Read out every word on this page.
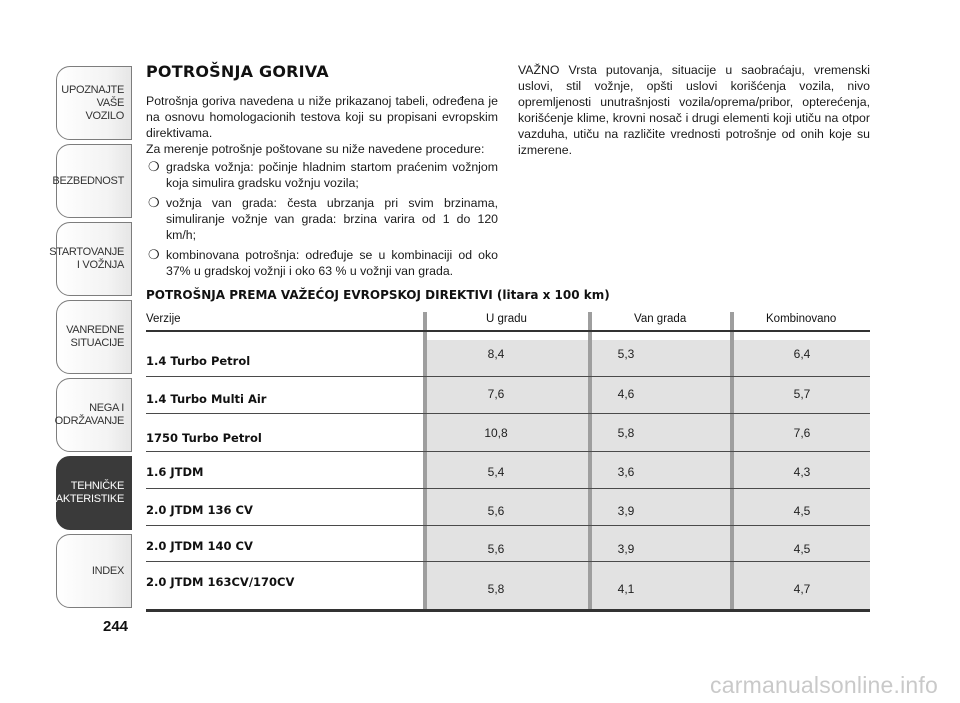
UPOZNAJTE
VAŠE VOZILO
BEZBEDNOST
STARTOVANJE
I VOŽNJA
VANREDNE
SITUACIJE
NEGA I
ODRŽAVANJE
TEHNIČKE
KARAKTERISTIKE
INDEX
244
POTROŠNJA GORIVA

Potrošnja goriva navedena u niže prikazanoj tabeli, određena je na osnovu homologacionih testova koji su propisani evropskim direktivama.

Za merenje potrošnje poštovane su niže navedene procedure:

❍ gradska vožnja: počinje hladnim startom praćenim vožnjom koja simulira gradsku vožnju vozila;
❍ vožnja van grada: česta ubrzanja pri svim brzinama, simuliranje vožnje van grada: brzina varira od 1 do 120 km/h;
❍ kombinovana potrošnja: određuje se u kombinaciji od oko 37% u gradskoj vožnji i oko 63 % u vožnji van grada.

VAŽNO Vrsta putovanja, situacije u saobraćaju, vremenski uslovi, stil vožnje, opšti uslovi korišćenja vozila, nivo opremljenosti unutrašnjosti vozila/oprema/pribor, opterećenja, korišćenje klime, krovni nosač i drugi elementi koji utiču na otpor vazduha, utiču na različite vrednosti potrošnje od onih koje su izmerene.

POTROŠNJA PREMA VAŽEĆOJ EVROPSKOJ DIREKTIVI (litara x 100 km)
Verzije	U gradu	Van grada	Kombinovano
1.4 Turbo Petrol	8,4	5,3	6,4
1.4 Turbo Multi Air	7,6	4,6	5,7
1750 Turbo Petrol	10,8	5,8	7,6
1.6 JTDM	5,4	3,6	4,3
2.0 JTDM 136 CV	5,6	3,9	4,5
2.0 JTDM 140 CV	5,6	3,9	4,5
2.0 JTDM 163CV/170CV	5,8	4,1	4,7
carmanualsonline.info
